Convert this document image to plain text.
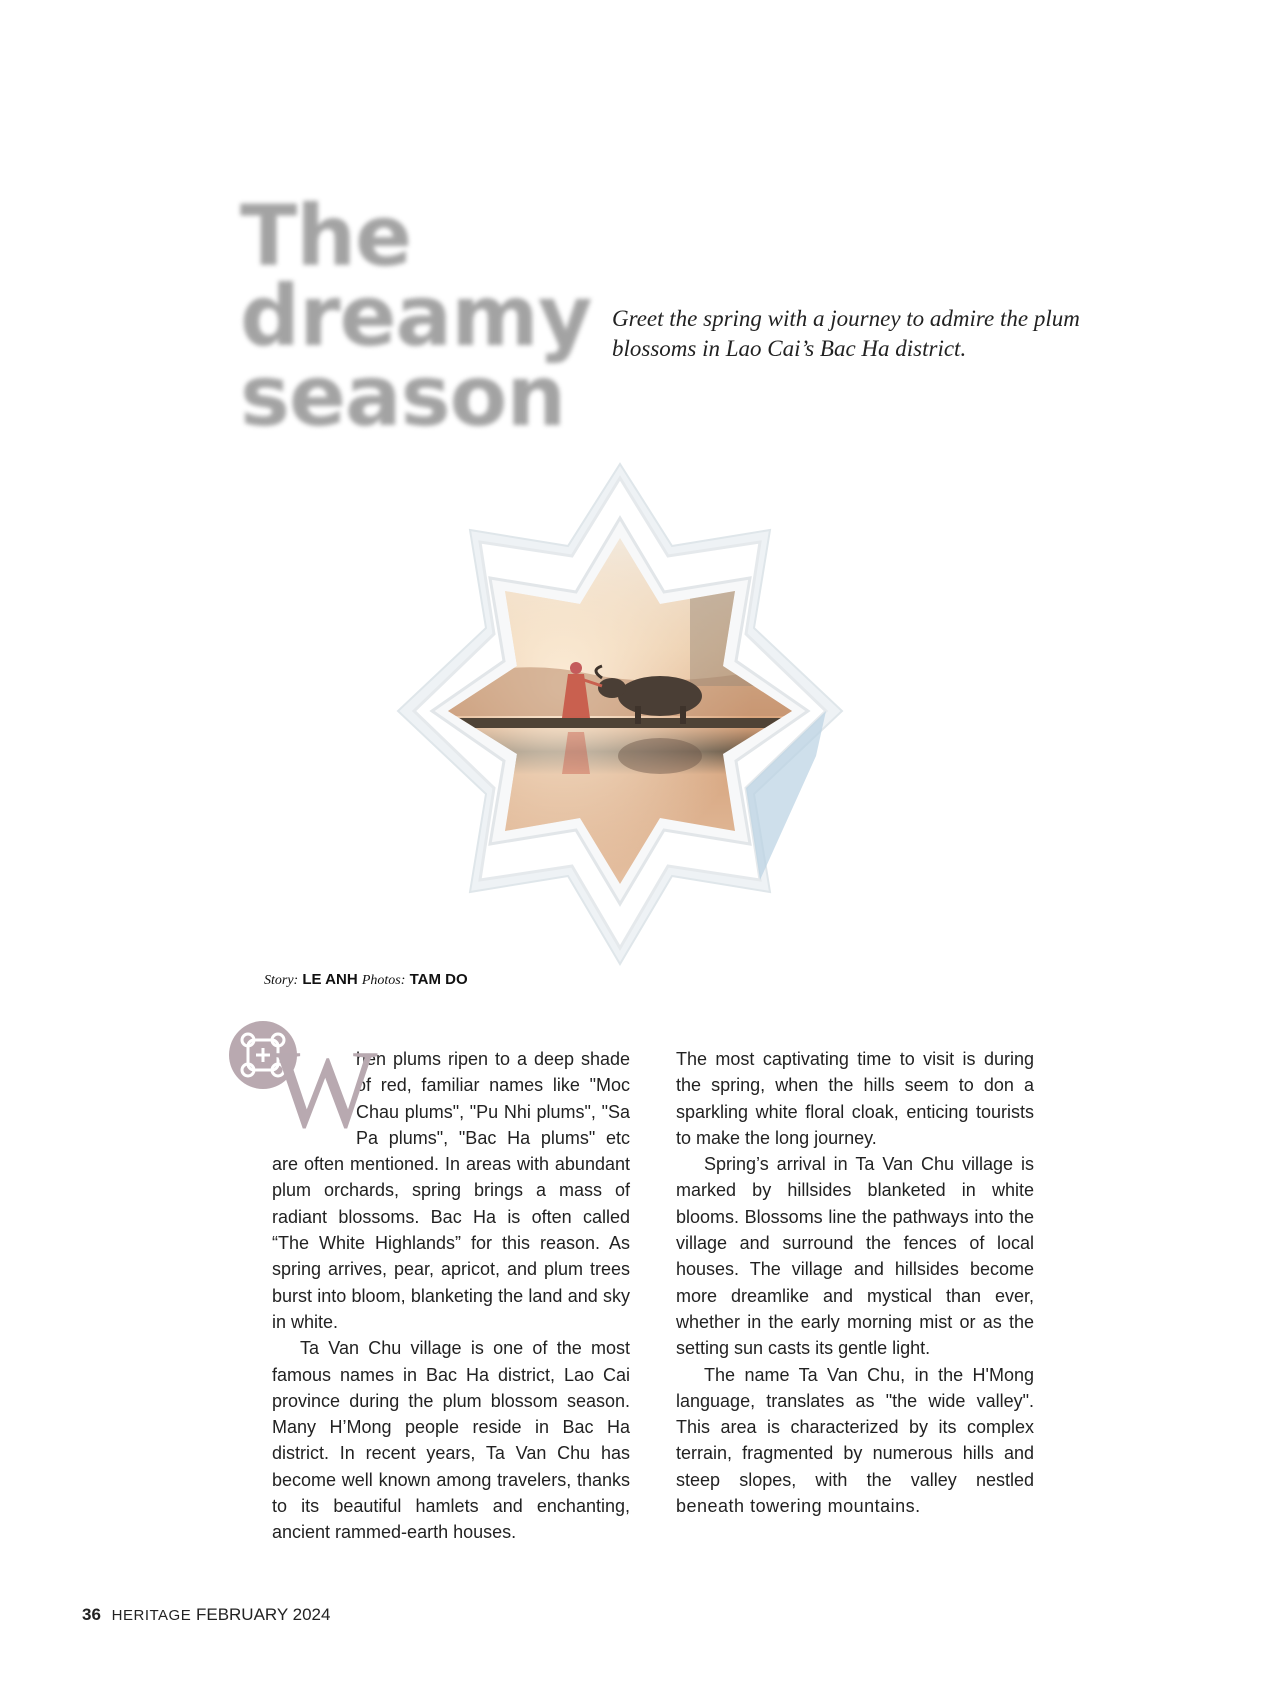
The
dreamy
season
Greet the spring with a journey to admire the plum blossoms in Lao Cai’s Bac Ha district.
Story: LE ANH Photos: TAM DO
W

hen plums ripen to a deep shade of red, familiar names like "Moc Chau plums", "Pu Nhi plums", "Sa Pa plums", "Bac Ha plums" etc are often mentioned. In areas with abundant plum orchards, spring brings a mass of radiant blossoms. Bac Ha is often called “The White Highlands” for this reason. As spring arrives, pear, apricot, and plum trees burst into bloom, blanketing the land and sky in white.

Ta Van Chu village is one of the most famous names in Bac Ha district, Lao Cai province during the plum blossom season. Many H’Mong people reside in Bac Ha district. In recent years, Ta Van Chu has become well known among travelers, thanks to its beautiful hamlets and enchanting, ancient rammed-earth houses.

The most captivating time to visit is during the spring, when the hills seem to don a sparkling white floral cloak, enticing tourists to make the long journey.

Spring’s arrival in Ta Van Chu village is marked by hillsides blanketed in white blooms. Blossoms line the pathways into the village and surround the fences of local houses. The village and hillsides become more dreamlike and mystical than ever, whether in the early morning mist or as the setting sun casts its gentle light.

The name Ta Van Chu, in the H'Mong language, translates as "the wide valley". This area is characterized by its complex terrain, fragmented by numerous hills and steep slopes, with the valley nestled beneath towering mountains.

36 HERITAGE FEBRUARY 2024
